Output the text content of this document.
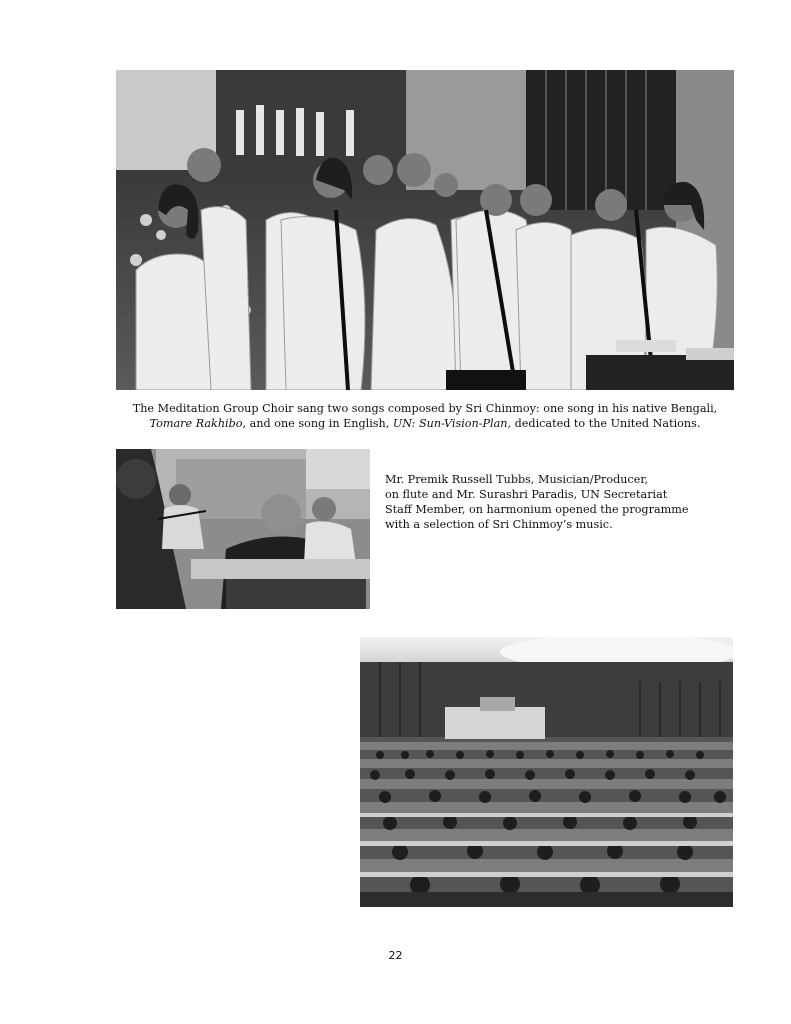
The Meditation Group Choir sang two songs composed by Sri Chinmoy: one song in his native Bengali,
Tomare Rakhibo, and one song in English, UN: Sun-Vision-Plan, dedicated to the United Nations.
Mr. Premik Russell Tubbs, Musician/Producer,
on flute and Mr. Surashri Paradis, UN Secretariat
Staff Member, on harmonium opened the programme
with a selection of Sri Chinmoy’s music.
22
